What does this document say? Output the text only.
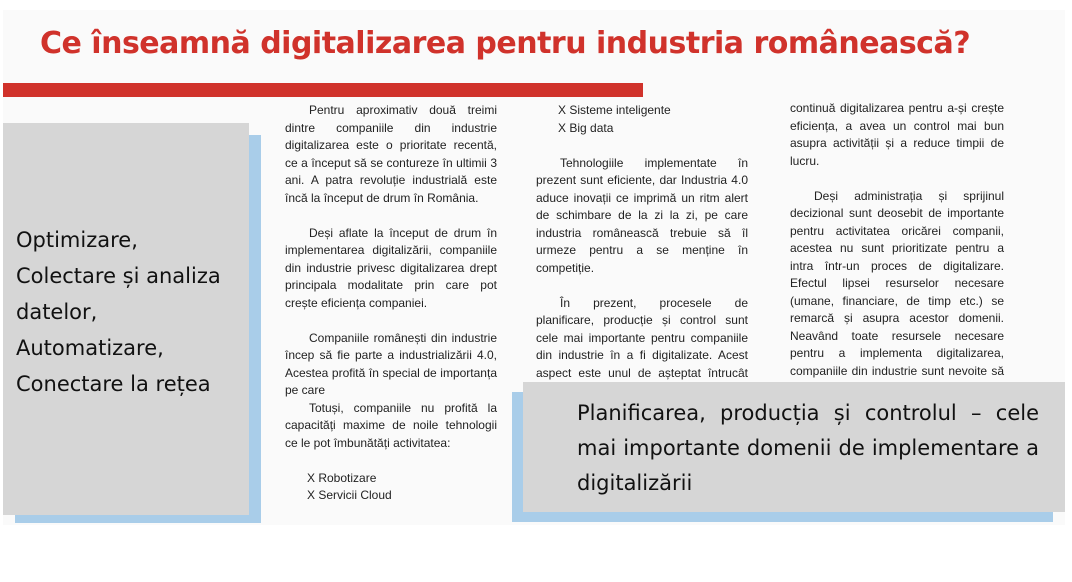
Ce înseamnă digitalizarea pentru industria românească?
Optimizare,
Colectare și analiza
datelor,
Automatizare,
Conectare la rețea

Pentru aproximativ două treimi dintre companiile din industrie digitalizarea este o prioritate recentă, ce a început să se contureze în ultimii 3 ani. A patra revoluție industrială este încă la început de drum în România.

Deși aflate la început de drum în implementarea digitalizării, companiile din industrie privesc digitalizarea drept principala modalitate prin care pot crește eficiența companiei.

Companiile românești din industrie încep să fie parte a industrializării 4.0, Acestea profită în special de importanța pe care

Totuși, companiile nu profită la capacități maxime de noile tehnologii ce le pot îmbunătăți activitatea:

X Robotizare

X Servicii Cloud

X Sisteme inteligente

X Big data

Tehnologiile implementate în prezent sunt eficiente, dar Industria 4.0 aduce inovații ce imprimă un ritm alert de schimbare de la zi la zi, pe care industria românească trebuie să îl urmeze pentru a se menține în competiție.

În prezent, procesele de planificare, producție și control sunt cele mai importante pentru companiile din industrie în a fi digitalizate. Acest aspect este unul de așteptat întrucât

continuă digitalizarea pentru a-și crește eficiența, a avea un control mai bun asupra activității și a reduce timpii de lucru.

Deși administrația și sprijinul decizional sunt deosebit de importante pentru activitatea oricărei companii, acestea nu sunt prioritizate pentru a intra într-un proces de digitalizare. Efectul lipsei resurselor necesare (umane, financiare, de timp etc.) se remarcă și asupra acestor domenii. Neavând toate resursele necesare pentru a implementa digitalizarea, companiile din industrie sunt nevoite să

Planificarea, producția și controlul – cele mai importante domenii de implementare a digitalizării
